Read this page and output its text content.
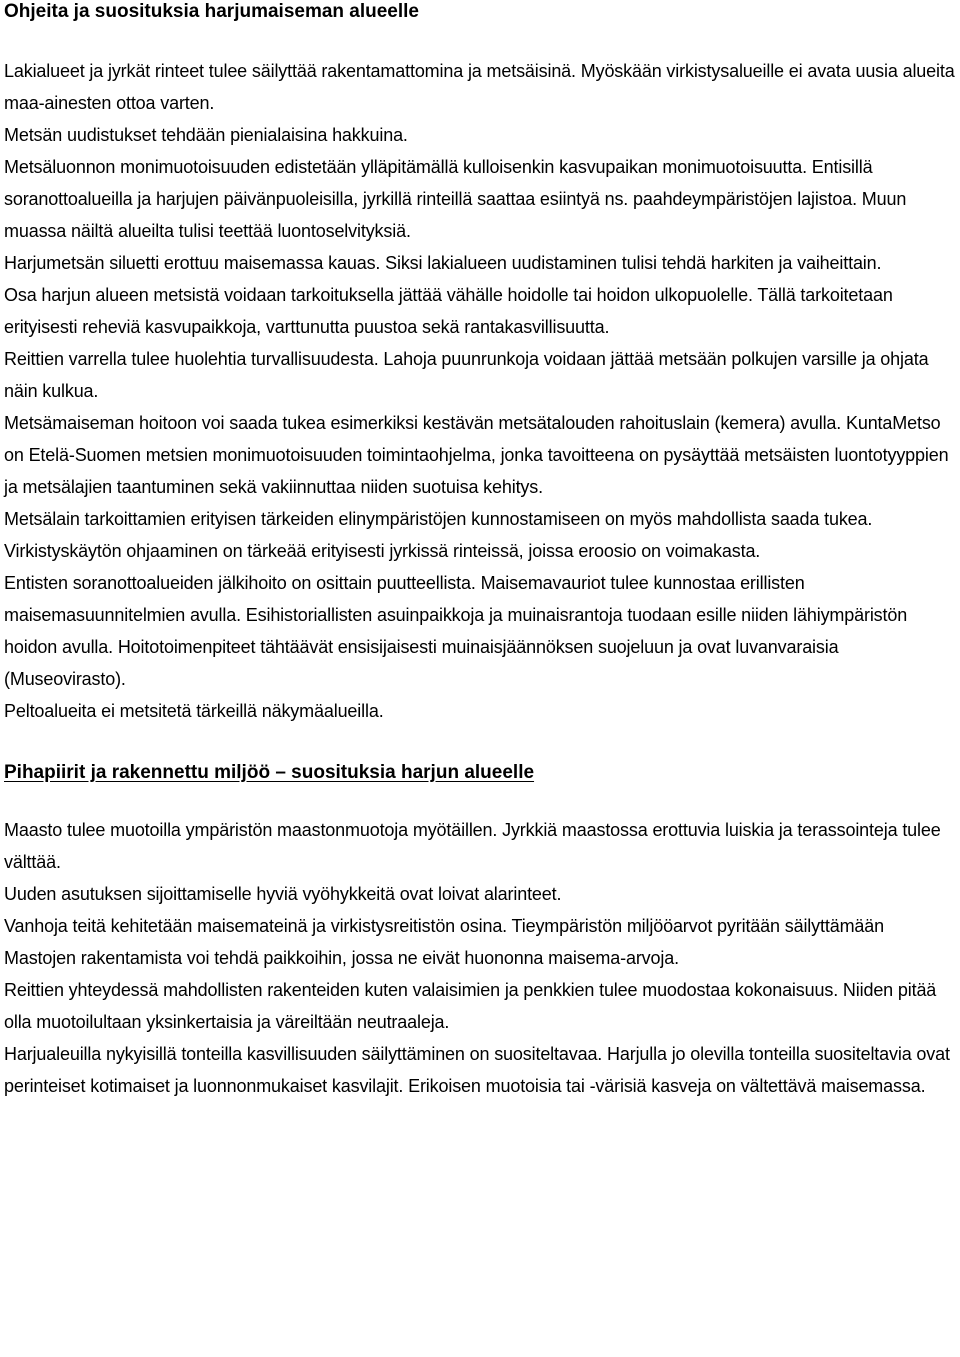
Ohjeita ja suosituksia harjumaiseman alueelle

Lakialueet ja jyrkät rinteet tulee säilyttää rakentamattomina ja metsäisinä. Myöskään virkistysalueille ei avata uusia alueita maa-ainesten ottoa varten.

Metsän uudistukset tehdään pienialaisina hakkuina.

Metsäluonnon monimuotoisuuden edistetään ylläpitämällä kulloisenkin kasvupaikan monimuotoisuutta. Entisillä soranottoalueilla ja harjujen päivänpuoleisilla, jyrkillä rinteillä saattaa esiintyä ns. paahdeympäristöjen lajistoa. Muun muassa näiltä alueilta tulisi teettää luontoselvityksiä.

Harjumetsän siluetti erottuu maisemassa kauas. Siksi lakialueen uudistaminen tulisi tehdä harkiten ja vaiheittain.

Osa harjun alueen metsistä voidaan tarkoituksella jättää vähälle hoidolle tai hoidon ulkopuolelle. Tällä tarkoitetaan erityisesti reheviä kasvupaikkoja, varttunutta puustoa sekä rantakasvillisuutta.

Reittien varrella tulee huolehtia turvallisuudesta. Lahoja puunrunkoja voidaan jättää metsään polkujen varsille ja ohjata näin kulkua.

Metsämaiseman hoitoon voi saada tukea esimerkiksi kestävän metsätalouden rahoituslain (kemera) avulla. KuntaMetso on Etelä-Suomen metsien monimuotoisuuden toimintaohjelma, jonka tavoitteena on pysäyttää metsäisten luontotyyppien ja metsälajien taantuminen sekä vakiinnuttaa niiden suotuisa kehitys.

Metsälain tarkoittamien erityisen tärkeiden elinympäristöjen kunnostamiseen on myös mahdollista saada tukea.

Virkistyskäytön ohjaaminen on tärkeää erityisesti jyrkissä rinteissä, joissa eroosio on voimakasta.

Entisten soranottoalueiden jälkihoito on osittain puutteellista. Maisemavauriot tulee kunnostaa erillisten maisemasuunnitelmien avulla. Esihistoriallisten asuinpaikkoja ja muinaisrantoja tuodaan esille niiden lähiympäristön hoidon avulla. Hoitotoimenpiteet tähtäävät ensisijaisesti muinaisjäännöksen suojeluun ja ovat luvanvaraisia (Museovirasto).

Peltoalueita ei metsitetä tärkeillä näkymäalueilla.

Pihapiirit ja rakennettu miljöö – suosituksia harjun alueelle

Maasto tulee muotoilla ympäristön maastonmuotoja myötäillen. Jyrkkiä maastossa erottuvia luiskia ja terassointeja tulee välttää.

Uuden asutuksen sijoittamiselle hyviä vyöhykkeitä ovat loivat alarinteet.

Vanhoja teitä kehitetään maisemateinä ja virkistysreitistön osina. Tieympäristön miljööarvot pyritään säilyttämään

Mastojen rakentamista voi tehdä paikkoihin, jossa ne eivät huononna maisema-arvoja.

Reittien yhteydessä mahdollisten rakenteiden kuten valaisimien ja penkkien tulee muodostaa kokonaisuus. Niiden pitää olla muotoilultaan yksinkertaisia ja väreiltään neutraaleja.

Harjualeuilla nykyisillä tonteilla kasvillisuuden säilyttäminen on suositeltavaa. Harjulla jo olevilla tonteilla suositeltavia ovat perinteiset kotimaiset ja luonnonmukaiset kasvilajit. Erikoisen muotoisia tai -värisiä kasveja on vältettävä maisemassa.
